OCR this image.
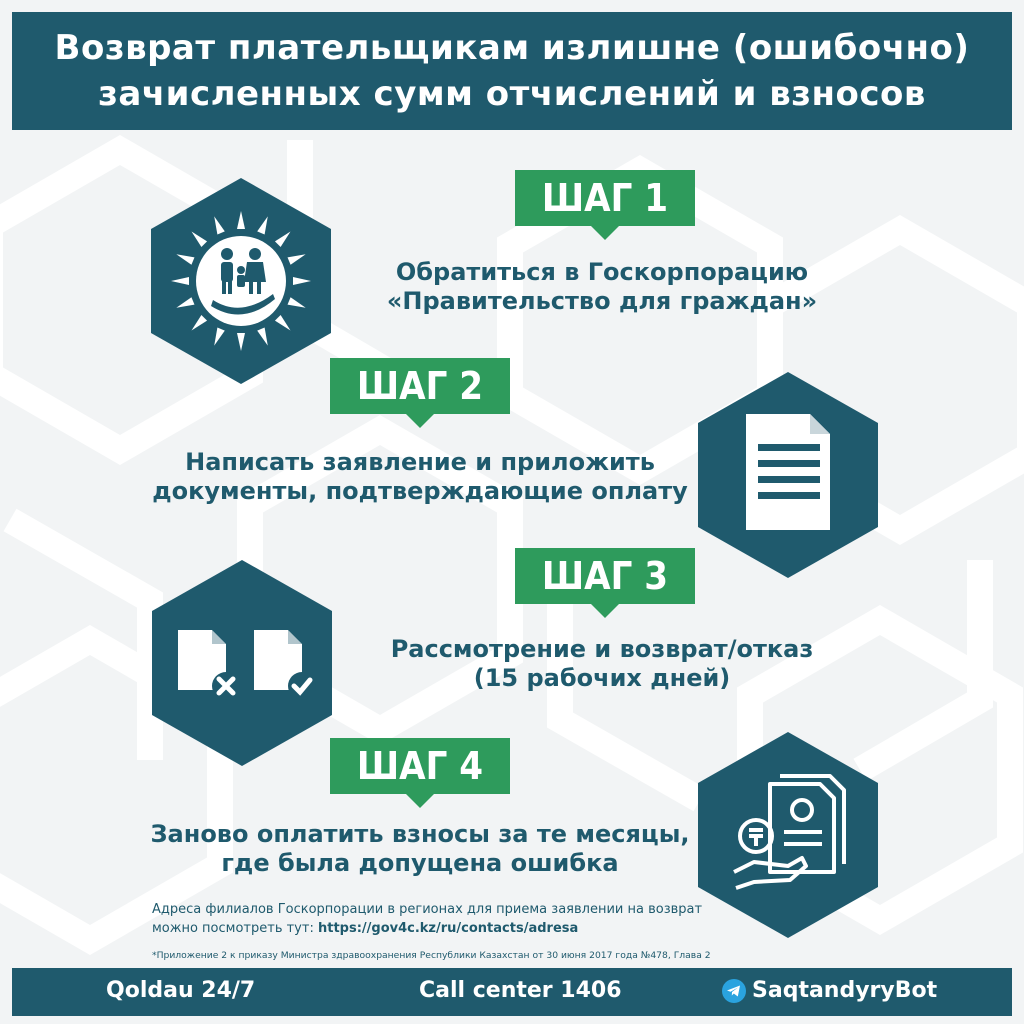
Возврат плательщикам излишне (ошибочно)
зачисленных сумм отчислений и взносов
ШАГ 1
Обратиться в Госкорпорацию
«Правительство для граждан»
ШАГ 2
Написать заявление и приложить
документы, подтверждающие оплату
ШАГ 3
Рассмотрение и возврат/отказ
(15 рабочих дней)
ШАГ 4
Заново оплатить взносы за те месяцы,
где была допущена ошибка
Адреса филиалов Госкорпорации в регионах для приема заявлении на возврат можно посмотреть тут: https://gov4c.kz/ru/contacts/adresa
*Приложение 2 к приказу Министра здравоохранения Республики Казахстан от 30 июня 2017 года №478, Глава 2
Qoldau 24/7	Call center 1406	SaqtandyryBot
